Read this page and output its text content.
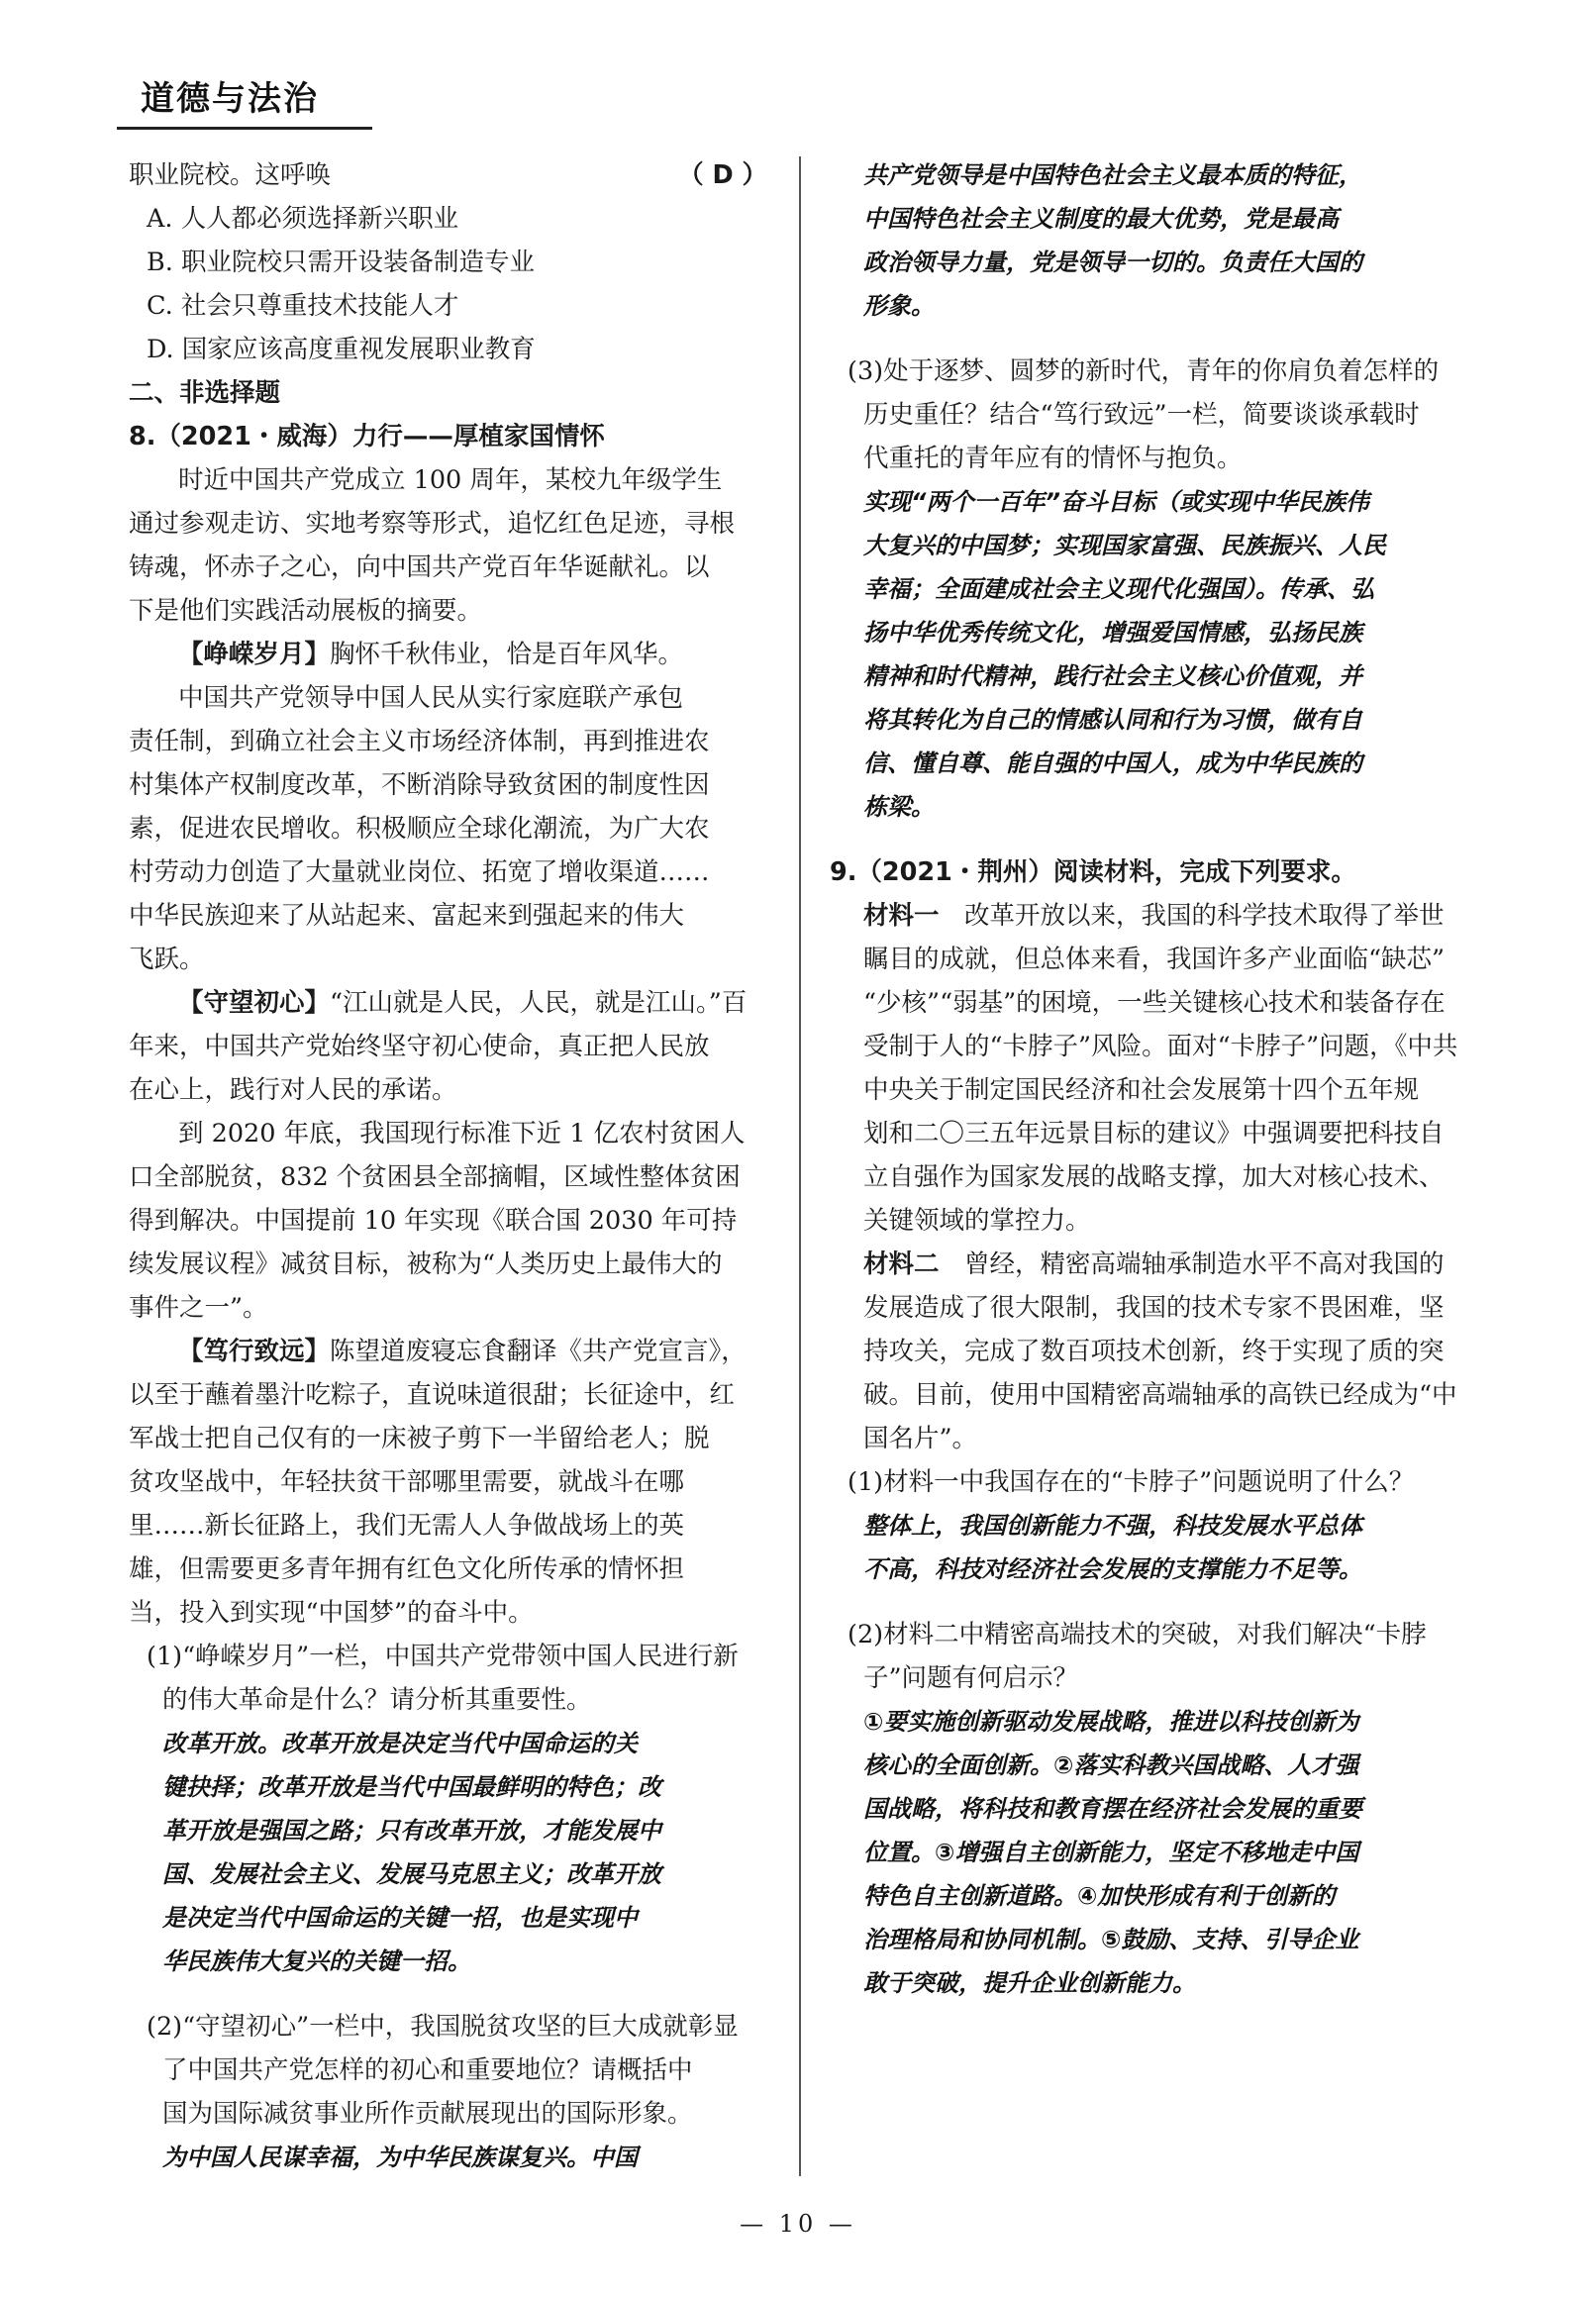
道德与法治
职业院校。这呼唤	（ D ）
A. 人人都必须选择新兴职业
B. 职业院校只需开设装备制造专业
C. 社会只尊重技术技能人才
D. 国家应该高度重视发展职业教育
二、非选择题
8.（2021・威海）力行——厚植家国情怀
时近中国共产党成立 100 周年，某校九年级学生
通过参观走访、实地考察等形式，追忆红色足迹，寻根
铸魂，怀赤子之心，向中国共产党百年华诞献礼。以
下是他们实践活动展板的摘要。
【峥嵘岁月】胸怀千秋伟业，恰是百年风华。
中国共产党领导中国人民从实行家庭联产承包
责任制，到确立社会主义市场经济体制，再到推进农
村集体产权制度改革，不断消除导致贫困的制度性因
素，促进农民增收。积极顺应全球化潮流，为广大农
村劳动力创造了大量就业岗位、拓宽了增收渠道……
中华民族迎来了从站起来、富起来到强起来的伟大
飞跃。
【守望初心】“江山就是人民，人民，就是江山。”百
年来，中国共产党始终坚守初心使命，真正把人民放
在心上，践行对人民的承诺。
到 2020 年底，我国现行标准下近 1 亿农村贫困人
口全部脱贫，832 个贫困县全部摘帽，区域性整体贫困
得到解决。中国提前 10 年实现《联合国 2030 年可持
续发展议程》减贫目标，被称为“人类历史上最伟大的
事件之一”。
【笃行致远】陈望道废寝忘食翻译《共产党宣言》，
以至于蘸着墨汁吃粽子，直说味道很甜；长征途中，红
军战士把自己仅有的一床被子剪下一半留给老人；脱
贫攻坚战中，年轻扶贫干部哪里需要，就战斗在哪
里……新长征路上，我们无需人人争做战场上的英
雄，但需要更多青年拥有红色文化所传承的情怀担
当，投入到实现“中国梦”的奋斗中。
(1)“峥嵘岁月”一栏，中国共产党带领中国人民进行新
的伟大革命是什么？请分析其重要性。
改革开放。改革开放是决定当代中国命运的关
键抉择；改革开放是当代中国最鲜明的特色；改
革开放是强国之路；只有改革开放，才能发展中
国、发展社会主义、发展马克思主义；改革开放
是决定当代中国命运的关键一招，也是实现中
华民族伟大复兴的关键一招。
(2)“守望初心”一栏中，我国脱贫攻坚的巨大成就彰显
了中国共产党怎样的初心和重要地位？请概括中
国为国际减贫事业所作贡献展现出的国际形象。
为中国人民谋幸福，为中华民族谋复兴。中国
共产党领导是中国特色社会主义最本质的特征，
中国特色社会主义制度的最大优势，党是最高
政治领导力量，党是领导一切的。负责任大国的
形象。
(3)处于逐梦、圆梦的新时代，青年的你肩负着怎样的
历史重任？结合“笃行致远”一栏，简要谈谈承载时
代重托的青年应有的情怀与抱负。
实现“两个一百年”奋斗目标（或实现中华民族伟
大复兴的中国梦；实现国家富强、民族振兴、人民
幸福；全面建成社会主义现代化强国）。传承、弘
扬中华优秀传统文化，增强爱国情感，弘扬民族
精神和时代精神，践行社会主义核心价值观，并
将其转化为自己的情感认同和行为习惯，做有自
信、懂自尊、能自强的中国人，成为中华民族的
栋梁。
9.（2021・荆州）阅读材料，完成下列要求。
材料一　 改革开放以来，我国的科学技术取得了举世
瞩目的成就，但总体来看，我国许多产业面临“缺芯”
“少核”“弱基”的困境，一些关键核心技术和装备存在
受制于人的“卡脖子”风险。面对“卡脖子”问题，《中共
中央关于制定国民经济和社会发展第十四个五年规
划和二〇三五年远景目标的建议》中强调要把科技自
立自强作为国家发展的战略支撑，加大对核心技术、
关键领域的掌控力。
材料二　 曾经，精密高端轴承制造水平不高对我国的
发展造成了很大限制，我国的技术专家不畏困难，坚
持攻关，完成了数百项技术创新，终于实现了质的突
破。目前，使用中国精密高端轴承的高铁已经成为“中
国名片”。
(1)材料一中我国存在的“卡脖子”问题说明了什么？
整体上，我国创新能力不强，科技发展水平总体
不高，科技对经济社会发展的支撑能力不足等。
(2)材料二中精密高端技术的突破，对我们解决“卡脖
子”问题有何启示？
①要实施创新驱动发展战略，推进以科技创新为
核心的全面创新。②落实科教兴国战略、人才强
国战略，将科技和教育摆在经济社会发展的重要
位置。③增强自主创新能力，坚定不移地走中国
特色自主创新道路。④加快形成有利于创新的
治理格局和协同机制。⑤鼓励、支持、引导企业
敢于突破，提升企业创新能力。
— 10 —
